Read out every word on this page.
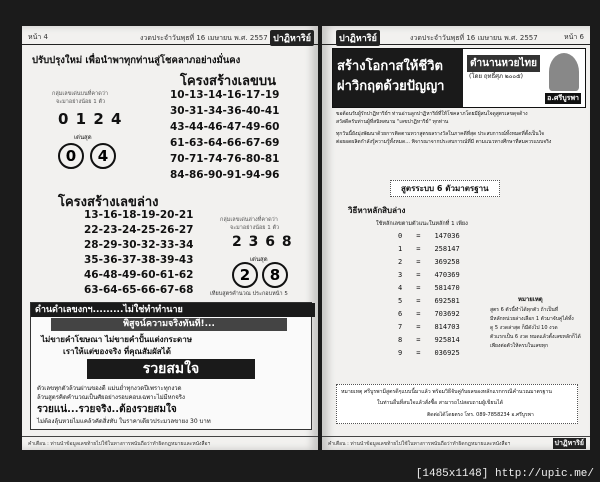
หน้า 4	งวดประจำวันพุธที่ 16 เมษายน พ.ศ. 2557 ปาฏิหาริย์
ปรับปรุงใหม่ เพื่อนำพาทุกท่านสู่โชคลาภอย่างมั่นคง
โครงสร้างเลขบน
กลุ่มเลขเด่นบนที่คาดว่า
จะมาอย่างน้อย 1 ตัว
0 1 2 4
เด่นสุด
0	4
10-13-14-16-17-19
30-31-34-36-40-41
43-44-46-47-49-60
61-63-64-66-67-69
70-71-74-76-80-81
84-86-90-91-94-96
โครงสร้างเลขล่าง
13-16-18-19-20-21
22-23-24-25-26-27
28-29-30-32-33-34
35-36-37-38-39-43
46-48-49-60-61-62
63-64-65-66-67-68
กลุ่มเลขเด่นล่างที่คาดว่า
จะมาอย่างน้อย 1 ตัว
2 3 6 8
เด่นสุด
2	8
เทียบสูตรคำนวณ ประกอบหน้า 5
ดำนดำเลขงกฯ.........ไม่ใช่ทำทำนาย
พิสูจน์ความจริงทันที!...
ไม่ขายคำโฆษณา ไม่ขายคำปั้นแต่งกระดาษ
เราให้แต่ของจริง ที่คุณสัมผัสได้
รวยสมใจ
ตัวเลขทุกตัวล้วนผ่านของดี แม่นย่ำทุกงวดปีเพราะทุกงวด
ล้วนสูตรคิดคำนวณเป็นศัยอย่างรอบคอบเฉพาะไม่มีหกจริง
รวยแน่...รวยจริง..ต้องรวยสมใจ
ไม่ต้องลุ้นหวยไมแคล้วคัดสิ่งทับ ในราคาเดียวประมวลขายง 30 บาท
คำเตือน : ท่านนำข้อมูลเลขท้ายไปใช้ในทางการพนันถือว่าทำผิดกฎหมายและหนังสือฯ
ปาฏิหาริย์	งวดประจำวันพุธที่ 16 เมษายน พ.ศ. 2557	หน้า 6
สร้างโอกาสให้ชีวิต
ผ่าวิกฤตด้วยปัญญา
ตำนานหวยไทย
(โดย ฤทธิ์ศุภ ๒๐๐๕)
อ.ศรีบูรพา
ขอต้อนรับผู้รักปาฏิหาริย์ฯ ท่านอ่านลูกปาฏิหาริย์ที่ให้โชคลาภโดยมีผู้สนใจดูสูตรเลขดุจด้าง
สวัสดีครับท่านผู้ที่สนิทสนาม "เลขปาฏิหาริย์" ทุกท่าน
ทุกวันนี้ยังมุ่งพัฒนาด้วยการติดตามทวาสูตรผลรางวัลในภาคดีที่สุด ประสบการณ์ทั้งหมดที่ตั้งเป็นใจ
ต่อยอดผลิตกำลังรู้ความรู้ทั้งหมด... พิจารณาจากประสบการณ์ที่มี ตามแนวทางศึกษาที่สมควรแบบจริง
สูตรระบบ 6 ตัวมาตรฐาน
วิธีหาหลักสิบล่าง
ใช้หลักเลขตามตัวแนะในหลักที่ 1 เพียง
0 = 147036
1 = 258147
2 = 369258
3 = 470369
4 = 581470
5 = 692581
6 = 703692
7 = 814703
8 = 925814
9 = 036925
หมายเหตุ
สูตร 6 ตัวนี้ทำได้ทุกตัว ถ้าเป็นที่
มีหลักหน่วยล่างเลือก 1 ตัวมาจับคู่ได้ทั้ง
ดู 5 งวดล่าสุด ก็มีดังไป 10 งวด
ตัวแรกเป็น 6 งวด หมดแล้วตั้งเลขหลักก็ได้
เพียงต่อตัวให้ครบในเลขทุก
หมายเหตุ ศรีบูรพามีสูตรดีๆแบบนี้มาแล้ว พร้อมวิธีจับคู่กับผลของหลักแรกกรณีคำนวณมาตรฐาน
ในท่านอื่นที่สนใจแล้วสั่งซื้อ สามารถไปสอบถามผู้เขียนได้
ติดต่อได้โดยตรง โทร. 089-7858234 อ.ศรีบูรพา
คำเตือน : ท่านนำข้อมูลเลขท้ายไปใช้ในทางการพนันถือว่าทำผิดกฎหมายและหนังสือฯ	ปาฏิหาริย์
[1485x1148] http://upic.me/
